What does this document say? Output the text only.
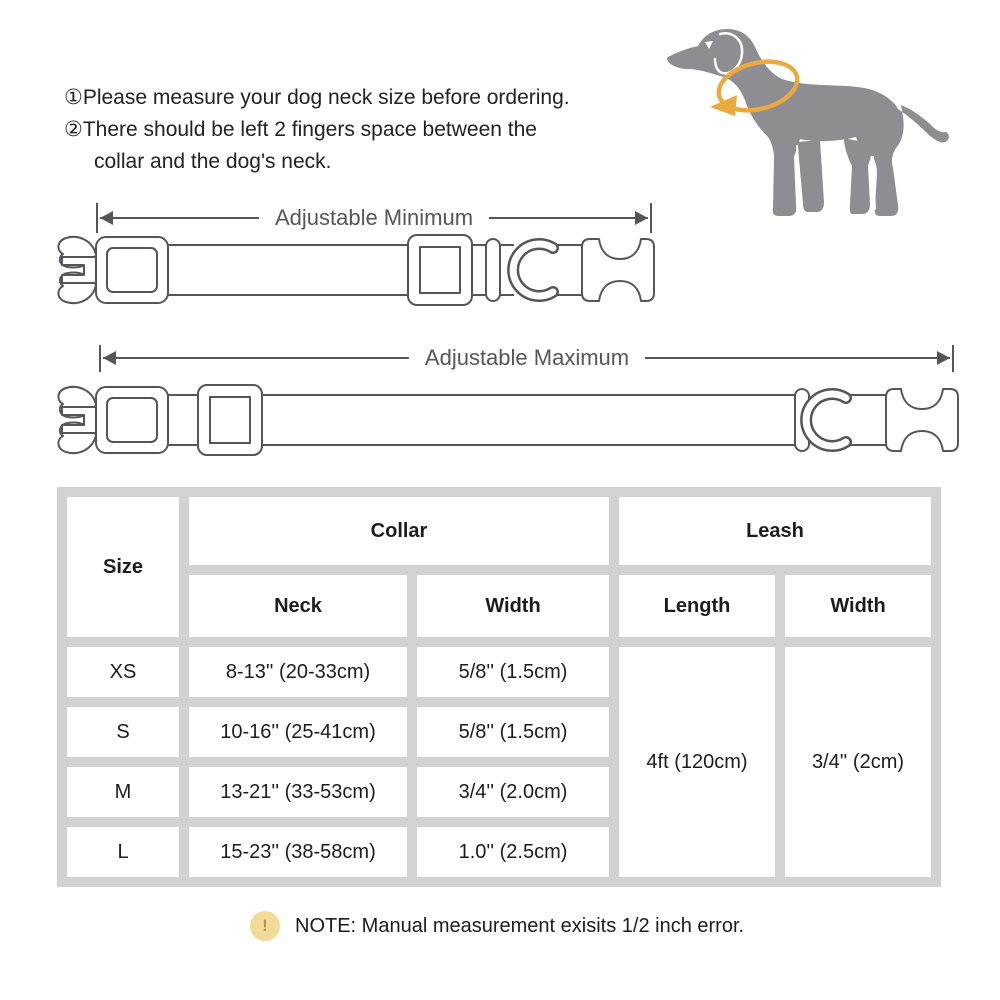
①Please measure your dog neck size before ordering.
②There should be left 2 fingers space between the
collar and the dog's neck.
Adjustable Minimum
Adjustable Maximum
Size	Collar		Leash	
	Neck	Width	Length	Width
XS	8-13'' (20-33cm)	5/8'' (1.5cm)	4ft (120cm)	3/4'' (2cm)
S	10-16'' (25-41cm)	5/8'' (1.5cm)		
M	13-21'' (33-53cm)	3/4'' (2.0cm)		
L	15-23'' (38-58cm)	1.0'' (2.5cm)		
!	NOTE: Manual measurement exisits 1/2 inch error.
